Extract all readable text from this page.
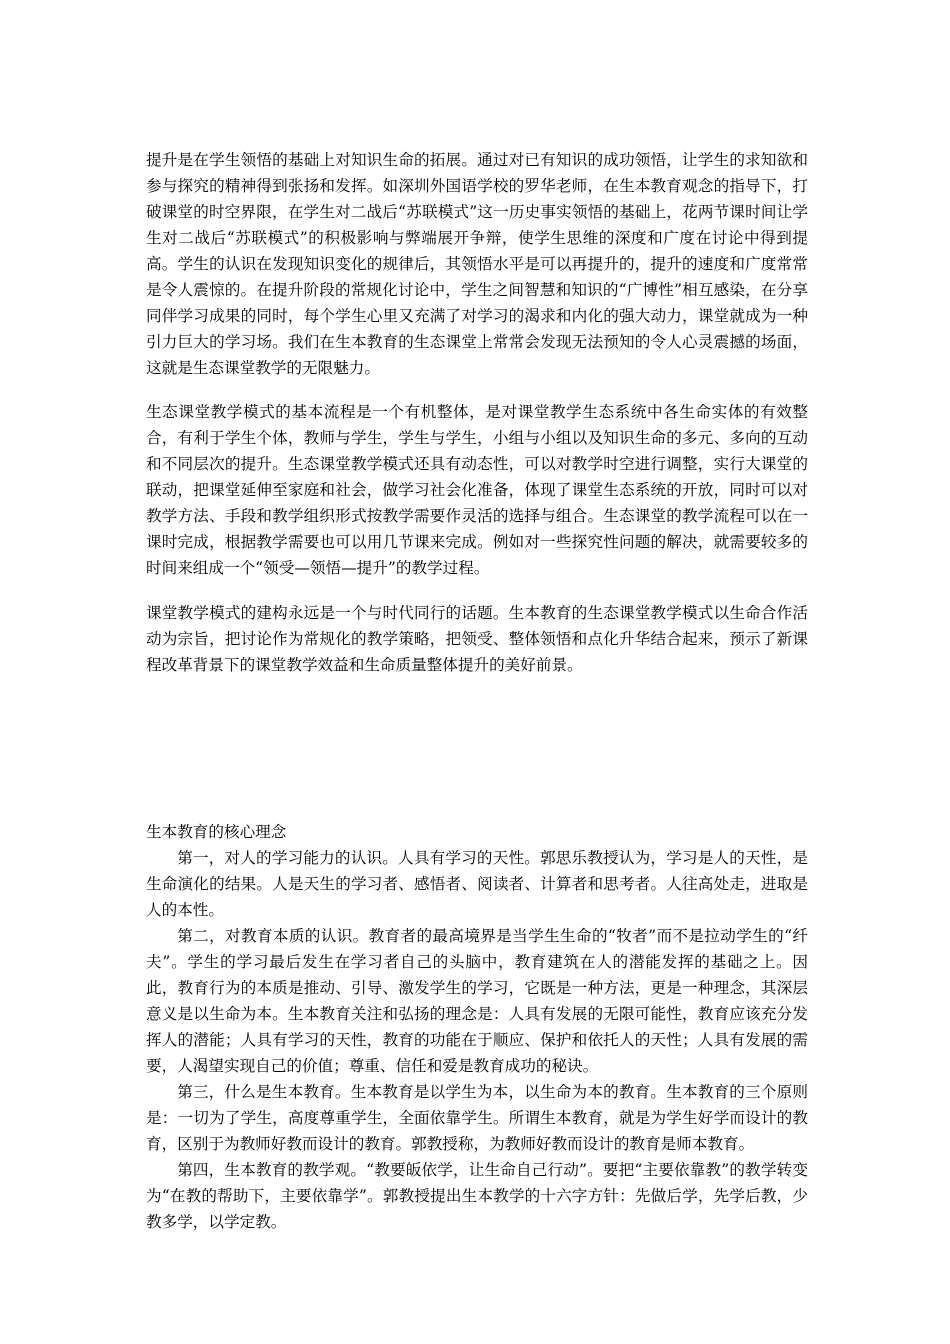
提升是在学生领悟的基础上对知识生命的拓展。通过对已有知识的成功领悟，让学生的求知欲和参与探究的精神得到张扬和发挥。如深圳外国语学校的罗华老师，在生本教育观念的指导下，打破课堂的时空界限，在学生对二战后“苏联模式”这一历史事实领悟的基础上，花两节课时间让学生对二战后“苏联模式”的积极影响与弊端展开争辩，使学生思维的深度和广度在讨论中得到提高。学生的认识在发现知识变化的规律后，其领悟水平是可以再提升的，提升的速度和广度常常是令人震惊的。在提升阶段的常规化讨论中，学生之间智慧和知识的“广博性”相互感染，在分享同伴学习成果的同时，每个学生心里又充满了对学习的渴求和内化的强大动力，课堂就成为一种引力巨大的学习场。我们在生本教育的生态课堂上常常会发现无法预知的令人心灵震撼的场面，这就是生态课堂教学的无限魅力。

生态课堂教学模式的基本流程是一个有机整体，是对课堂教学生态系统中各生命实体的有效整合，有利于学生个体，教师与学生，学生与学生，小组与小组以及知识生命的多元、多向的互动和不同层次的提升。生态课堂教学模式还具有动态性，可以对教学时空进行调整，实行大课堂的联动，把课堂延伸至家庭和社会，做学习社会化准备，体现了课堂生态系统的开放，同时可以对教学方法、手段和教学组织形式按教学需要作灵活的选择与组合。生态课堂的教学流程可以在一课时完成，根据教学需要也可以用几节课来完成。例如对一些探究性问题的解决，就需要较多的时间来组成一个“领受—领悟—提升”的教学过程。

课堂教学模式的建构永远是一个与时代同行的话题。生本教育的生态课堂教学模式以生命合作活动为宗旨，把讨论作为常规化的教学策略，把领受、整体领悟和点化升华结合起来，预示了新课程改革背景下的课堂教学效益和生命质量整体提升的美好前景。

生本教育的核心理念

第一，对人的学习能力的认识。人具有学习的天性。郭思乐教授认为，学习是人的天性，是生命演化的结果。人是天生的学习者、感悟者、阅读者、计算者和思考者。人往高处走，进取是人的本性。

第二，对教育本质的认识。教育者的最高境界是当学生生命的“牧者”而不是拉动学生的“纤夫”。学生的学习最后发生在学习者自己的头脑中，教育建筑在人的潜能发挥的基础之上。因此，教育行为的本质是推动、引导、激发学生的学习，它既是一种方法，更是一种理念，其深层意义是以生命为本。生本教育关注和弘扬的理念是：人具有发展的无限可能性，教育应该充分发挥人的潜能；人具有学习的天性，教育的功能在于顺应、保护和依托人的天性；人具有发展的需要，人渴望实现自己的价值；尊重、信任和爱是教育成功的秘诀。

第三，什么是生本教育。生本教育是以学生为本，以生命为本的教育。生本教育的三个原则是：一切为了学生，高度尊重学生，全面依靠学生。所谓生本教育，就是为学生好学而设计的教育，区别于为教师好教而设计的教育。郭教授称，为教师好教而设计的教育是师本教育。

第四，生本教育的教学观。“教要皈依学，让生命自己行动”。要把“主要依靠教”的教学转变为“在教的帮助下，主要依靠学”。郭教授提出生本教学的十六字方针：先做后学，先学后教，少教多学，以学定教。
